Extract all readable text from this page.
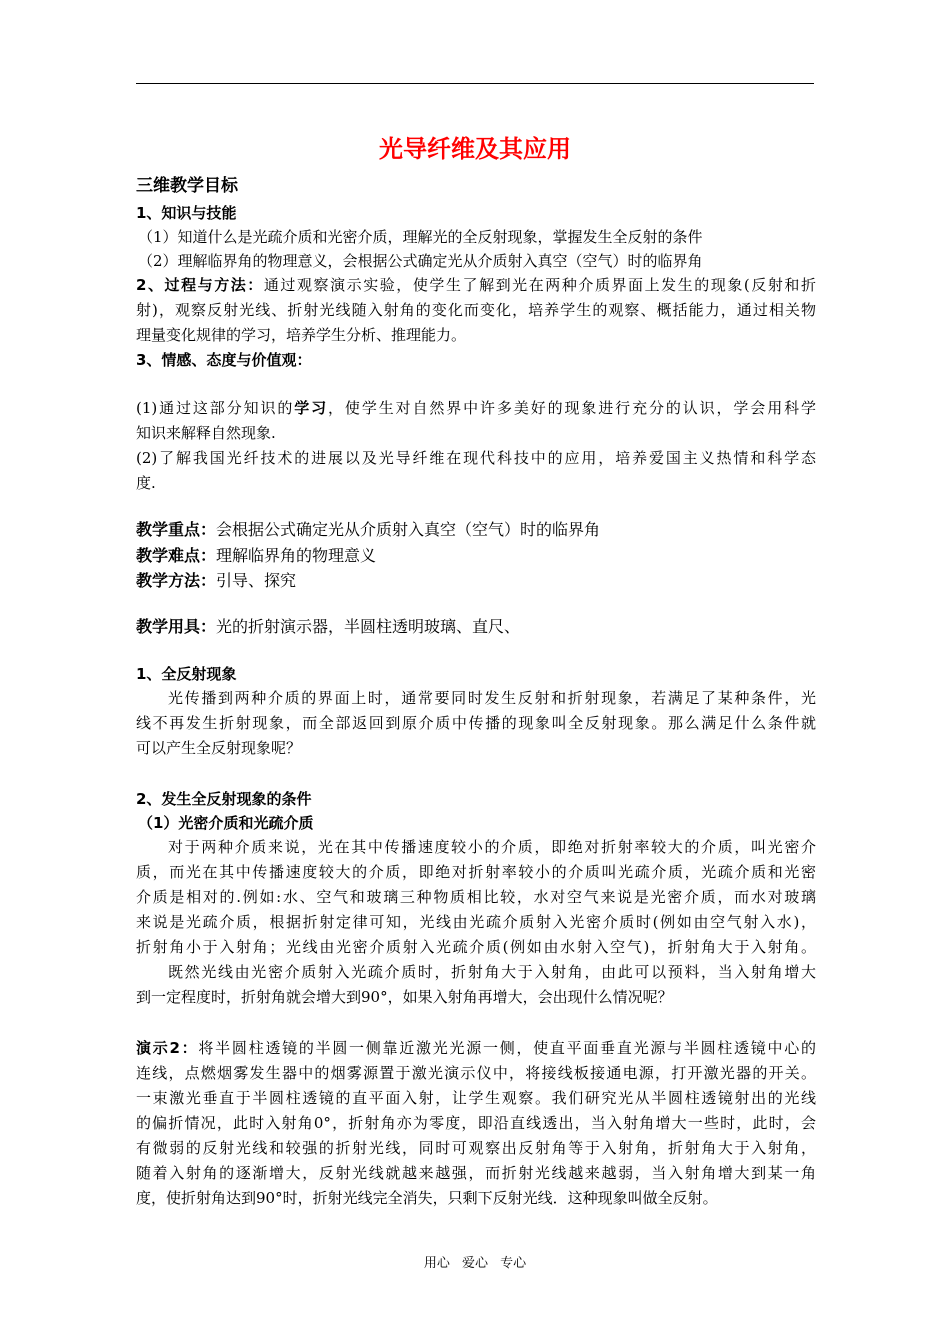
光导纤维及其应用
三维教学目标
1、知识与技能
（1）知道什么是光疏介质和光密介质，理解光的全反射现象，掌握发生全反射的条件
（2）理解临界角的物理意义，会根据公式确定光从介质射入真空（空气）时的临界角
2、过程与方法：通过观察演示实验，使学生了解到光在两种介质界面上发生的现象(反射和折
射)，观察反射光线、折射光线随入射角的变化而变化，培养学生的观察、概括能力，通过相关物
理量变化规律的学习，培养学生分析、推理能力。
3、情感、态度与价值观：
(1)通过这部分知识的学习，使学生对自然界中许多美好的现象进行充分的认识，学会用科学
知识来解释自然现象.
(2)了解我国光纤技术的进展以及光导纤维在现代科技中的应用，培养爱国主义热情和科学态
度.
教学重点：会根据公式确定光从介质射入真空（空气）时的临界角
教学难点：理解临界角的物理意义
教学方法：引导、探究
教学用具：光的折射演示器，半圆柱透明玻璃、直尺、
1、全反射现象
光传播到两种介质的界面上时，通常要同时发生反射和折射现象，若满足了某种条件，光
线不再发生折射现象，而全部返回到原介质中传播的现象叫全反射现象。那么满足什么条件就
可以产生全反射现象呢？
2、发生全反射现象的条件
（1）光密介质和光疏介质
对于两种介质来说，光在其中传播速度较小的介质，即绝对折射率较大的介质，叫光密介
质，而光在其中传播速度较大的介质，即绝对折射率较小的介质叫光疏介质，光疏介质和光密
介质是相对的.例如:水、空气和玻璃三种物质相比较，水对空气来说是光密介质，而水对玻璃
来说是光疏介质，根据折射定律可知，光线由光疏介质射入光密介质时(例如由空气射入水)，
折射角小于入射角；光线由光密介质射入光疏介质(例如由水射入空气)，折射角大于入射角。
既然光线由光密介质射入光疏介质时，折射角大于入射角，由此可以预料，当入射角增大
到一定程度时，折射角就会增大到90°，如果入射角再增大，会出现什么情况呢？
演示2：将半圆柱透镜的半圆一侧靠近激光光源一侧，使直平面垂直光源与半圆柱透镜中心的
连线，点燃烟雾发生器中的烟雾源置于激光演示仪中，将接线板接通电源，打开激光器的开关。
一束激光垂直于半圆柱透镜的直平面入射，让学生观察。我们研究光从半圆柱透镜射出的光线
的偏折情况，此时入射角0°，折射角亦为零度，即沿直线透出，当入射角增大一些时，此时，会
有微弱的反射光线和较强的折射光线，同时可观察出反射角等于入射角，折射角大于入射角，
随着入射角的逐渐增大，反射光线就越来越强，而折射光线越来越弱，当入射角增大到某一角
度，使折射角达到90°时，折射光线完全消失，只剩下反射光线．这种现象叫做全反射。
用心 爱心 专心
